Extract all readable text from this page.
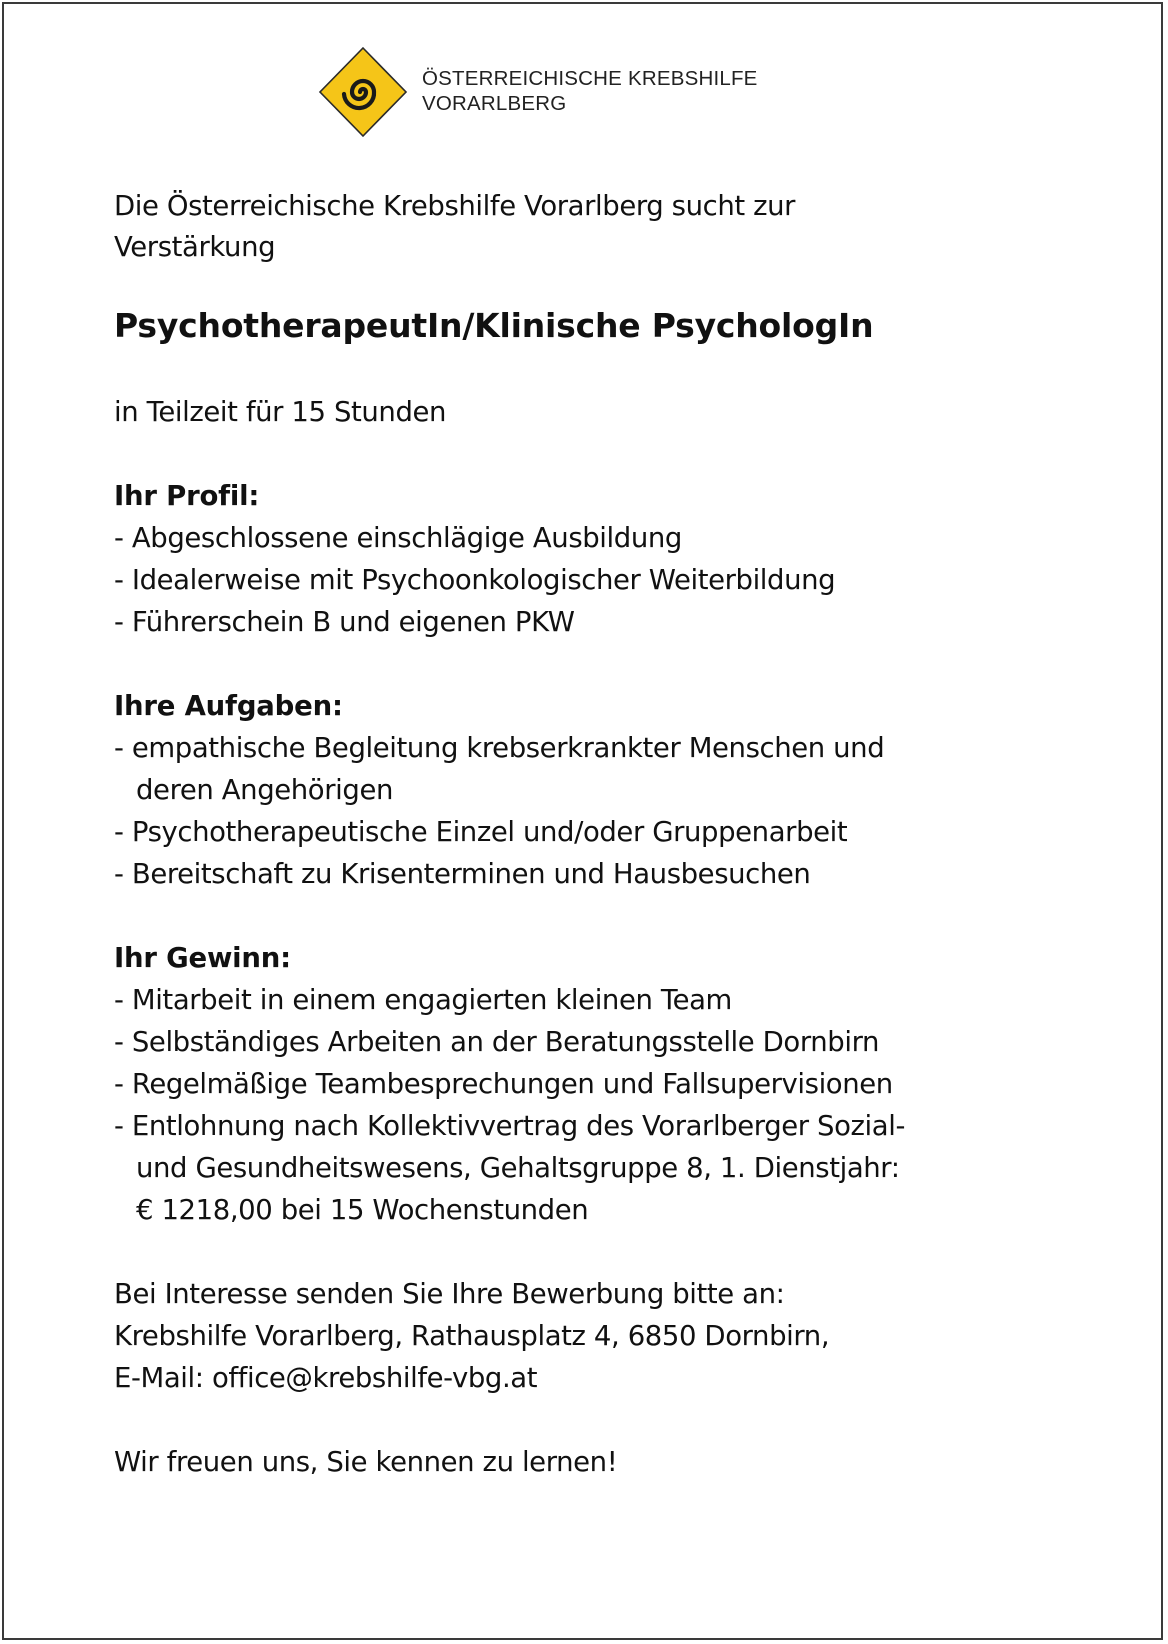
ÖSTERREICHISCHE KREBSHILFE
VORARLBERG
Die Österreichische Krebshilfe Vorarlberg sucht zur
Verstärkung
PsychotherapeutIn/Klinische PsychologIn
in Teilzeit für 15 Stunden
Ihr Profil:
- Abgeschlossene einschlägige Ausbildung
- Idealerweise mit Psychoonkologischer Weiterbildung
- Führerschein B und eigenen PKW
Ihre Aufgaben:
- empathische Begleitung krebserkrankter Menschen und
deren Angehörigen
- Psychotherapeutische Einzel und/oder Gruppenarbeit
- Bereitschaft zu Krisenterminen und Hausbesuchen
Ihr Gewinn:
- Mitarbeit in einem engagierten kleinen Team
- Selbständiges Arbeiten an der Beratungsstelle Dornbirn
- Regelmäßige Teambesprechungen und Fallsupervisionen
- Entlohnung nach Kollektivvertrag des Vorarlberger Sozial-
und Gesundheitswesens, Gehaltsgruppe 8, 1. Dienstjahr:
€ 1218,00 bei 15 Wochenstunden
Bei Interesse senden Sie Ihre Bewerbung bitte an:
Krebshilfe Vorarlberg, Rathausplatz 4, 6850 Dornbirn,
E-Mail: office@krebshilfe-vbg.at
Wir freuen uns, Sie kennen zu lernen!
